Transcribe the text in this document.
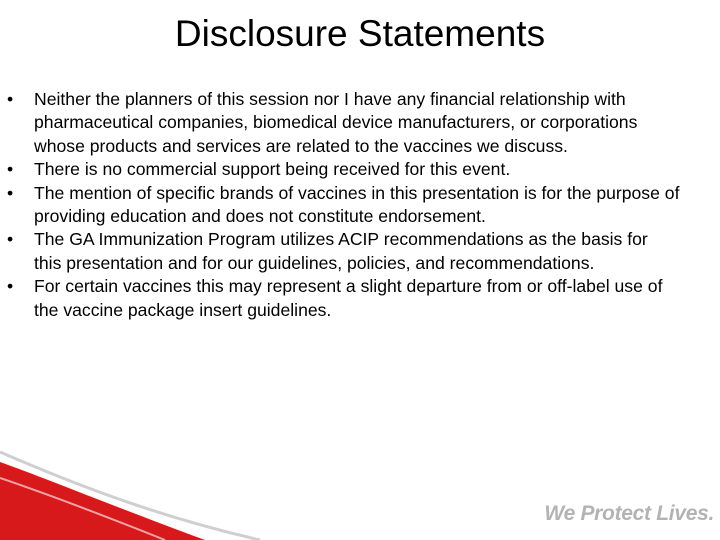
Disclosure Statements
• Neither the planners of this session nor I have any financial relationship with pharmaceutical companies, biomedical device manufacturers, or corporations whose products and services are related to the vaccines we discuss.
• There is no commercial support being received for this event.
• The mention of specific brands of vaccines in this presentation is for the purpose of providing education and does not constitute endorsement.
• The GA Immunization Program utilizes ACIP recommendations as the basis for this presentation and for our guidelines, policies, and recommendations.
• For certain vaccines this may represent a slight departure from or off-label use of the vaccine package insert guidelines.
We Protect Lives.
